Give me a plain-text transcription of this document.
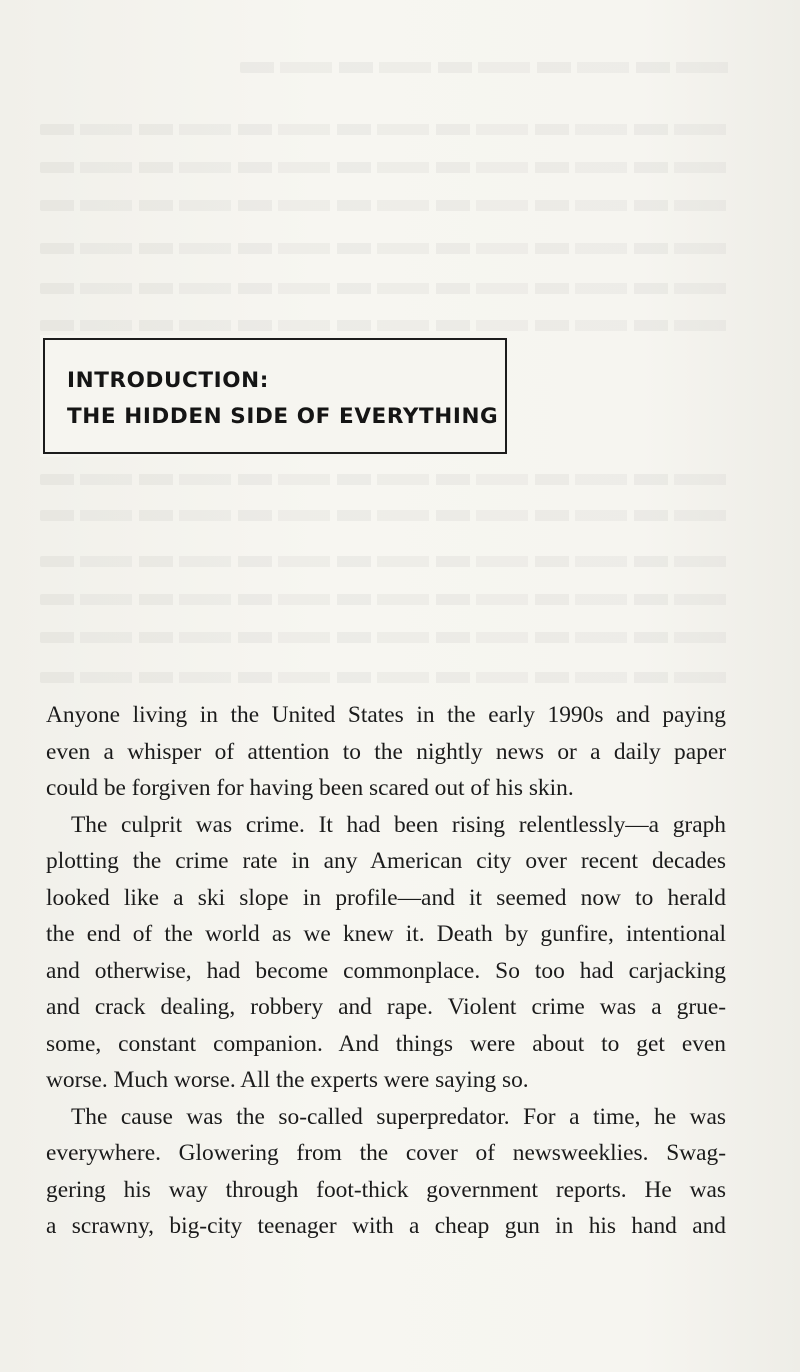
INTRODUCTION:
THE HIDDEN SIDE OF EVERYTHING

Anyone living in the United States in the early 1990s and paying
even a whisper of attention to the nightly news or a daily paper
could be forgiven for having been scared out of his skin.

The culprit was crime. It had been rising relentlessly—a graph
plotting the crime rate in any American city over recent decades
looked like a ski slope in profile—and it seemed now to herald
the end of the world as we knew it. Death by gunfire, intentional
and otherwise, had become commonplace. So too had carjacking
and crack dealing, robbery and rape. Violent crime was a grue-
some, constant companion. And things were about to get even
worse. Much worse. All the experts were saying so.

The cause was the so-called superpredator. For a time, he was
everywhere. Glowering from the cover of newsweeklies. Swag-
gering his way through foot-thick government reports. He was
a scrawny, big-city teenager with a cheap gun in his hand and
